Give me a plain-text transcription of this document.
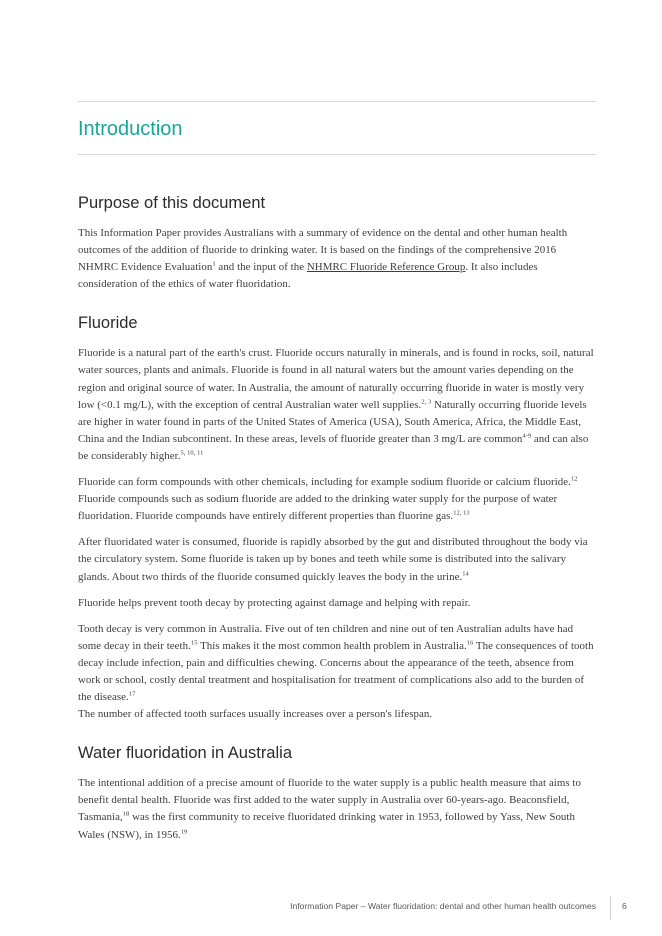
Introduction
Purpose of this document

This Information Paper provides Australians with a summary of evidence on the dental and other human health outcomes of the addition of fluoride to drinking water. It is based on the findings of the comprehensive 2016 NHMRC Evidence Evaluation$^1$ and the input of the NHMRC Fluoride Reference Group. It also includes consideration of the ethics of water fluoridation.

Fluoride

Fluoride is a natural part of the earth's crust. Fluoride occurs naturally in minerals, and is found in rocks, soil, natural water sources, plants and animals. Fluoride is found in all natural waters but the amount varies depending on the region and original source of water. In Australia, the amount of naturally occurring fluoride in water is mostly very low (<0.1 mg/L), with the exception of central Australian water well supplies.$^{2, 3}$ Naturally occurring fluoride levels are higher in water found in parts of the United States of America (USA), South America, Africa, the Middle East, China and the Indian subcontinent. In these areas, levels of fluoride greater than 3 mg/L are common$^{4-9}$ and can also be considerably higher.$^{5, 10, 11}$

Fluoride can form compounds with other chemicals, including for example sodium fluoride or calcium fluoride.$^{12}$ Fluoride compounds such as sodium fluoride are added to the drinking water supply for the purpose of water fluoridation. Fluoride compounds have entirely different properties than fluorine gas.$^{12, 13}$

After fluoridated water is consumed, fluoride is rapidly absorbed by the gut and distributed throughout the body via the circulatory system. Some fluoride is taken up by bones and teeth while some is distributed into the salivary glands. About two thirds of the fluoride consumed quickly leaves the body in the urine.$^{14}$

Fluoride helps prevent tooth decay by protecting against damage and helping with repair.

Tooth decay is very common in Australia. Five out of ten children and nine out of ten Australian adults have had some decay in their teeth.$^{15}$ This makes it the most common health problem in Australia.$^{16}$ The consequences of tooth decay include infection, pain and difficulties chewing. Concerns about the appearance of the teeth, absence from work or school, costly dental treatment and hospitalisation for treatment of complications also add to the burden of the disease.$^{17}$
The number of affected tooth surfaces usually increases over a person's lifespan.

Water fluoridation in Australia

The intentional addition of a precise amount of fluoride to the water supply is a public health measure that aims to benefit dental health. Fluoride was first added to the water supply in Australia over 60-years-ago. Beaconsfield, Tasmania,$^{18}$ was the first community to receive fluoridated drinking water in 1953, followed by Yass, New South Wales (NSW), in 1956.19

Information Paper – Water fluoridation: dental and other human health outcomes	6
